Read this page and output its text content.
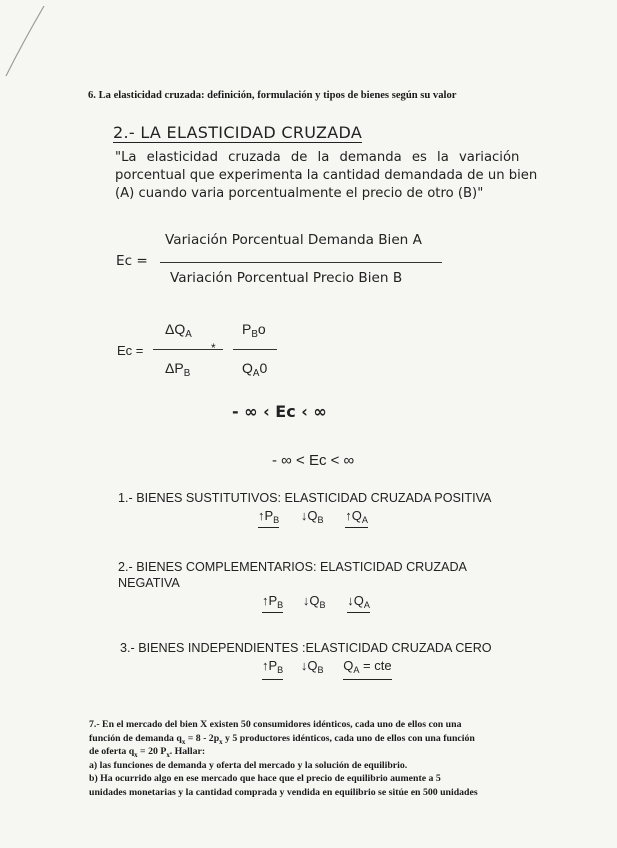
6. La elasticidad cruzada: definición, formulación y tipos de bienes según su valor
2.- LA ELASTICIDAD CRUZADA
"La elasticidad cruzada de la demanda es la variación
porcentual que experimenta la cantidad demandada de un bien
(A) cuando varia porcentualmente el precio de otro (B)"
Variación Porcentual Demanda Bien A
Ec =
Variación Porcentual Precio Bien B
Ec =
$\Delta Q_A$
$\Delta P_B$
*
$P_Bo$
$Q_A0$
- ∞ ‹ Ec ‹ ∞
- ∞ < Ec < ∞
1.- BIENES SUSTITUTIVOS: ELASTICIDAD CRUZADA POSITIVA
$↑P_B$ $↓Q_B$ $↑Q_A$
2.- BIENES COMPLEMENTARIOS: ELASTICIDAD CRUZADA
NEGATIVA
$↑P_B$ $↓Q_B$ $↓Q_A$
3.- BIENES INDEPENDIENTES :ELASTICIDAD CRUZADA CERO
$↑P_B$ $↓Q_B$ $Q_A$ = cte
7.- En el mercado del bien X existen 50 consumidores idénticos, cada uno de ellos con una
función de demanda $q_x = 8 - 2p_x$ y 5 productores idénticos, cada uno de ellos con una función
de oferta $q_x = 20$ $P_x$. Hallar:
a) las funciones de demanda y oferta del mercado y la solución de equilibrio.
b) Ha ocurrido algo en ese mercado que hace que el precio de equilibrio aumente a 5
unidades monetarias y la cantidad comprada y vendida en equilibrio se sitúe en 500 unidades
